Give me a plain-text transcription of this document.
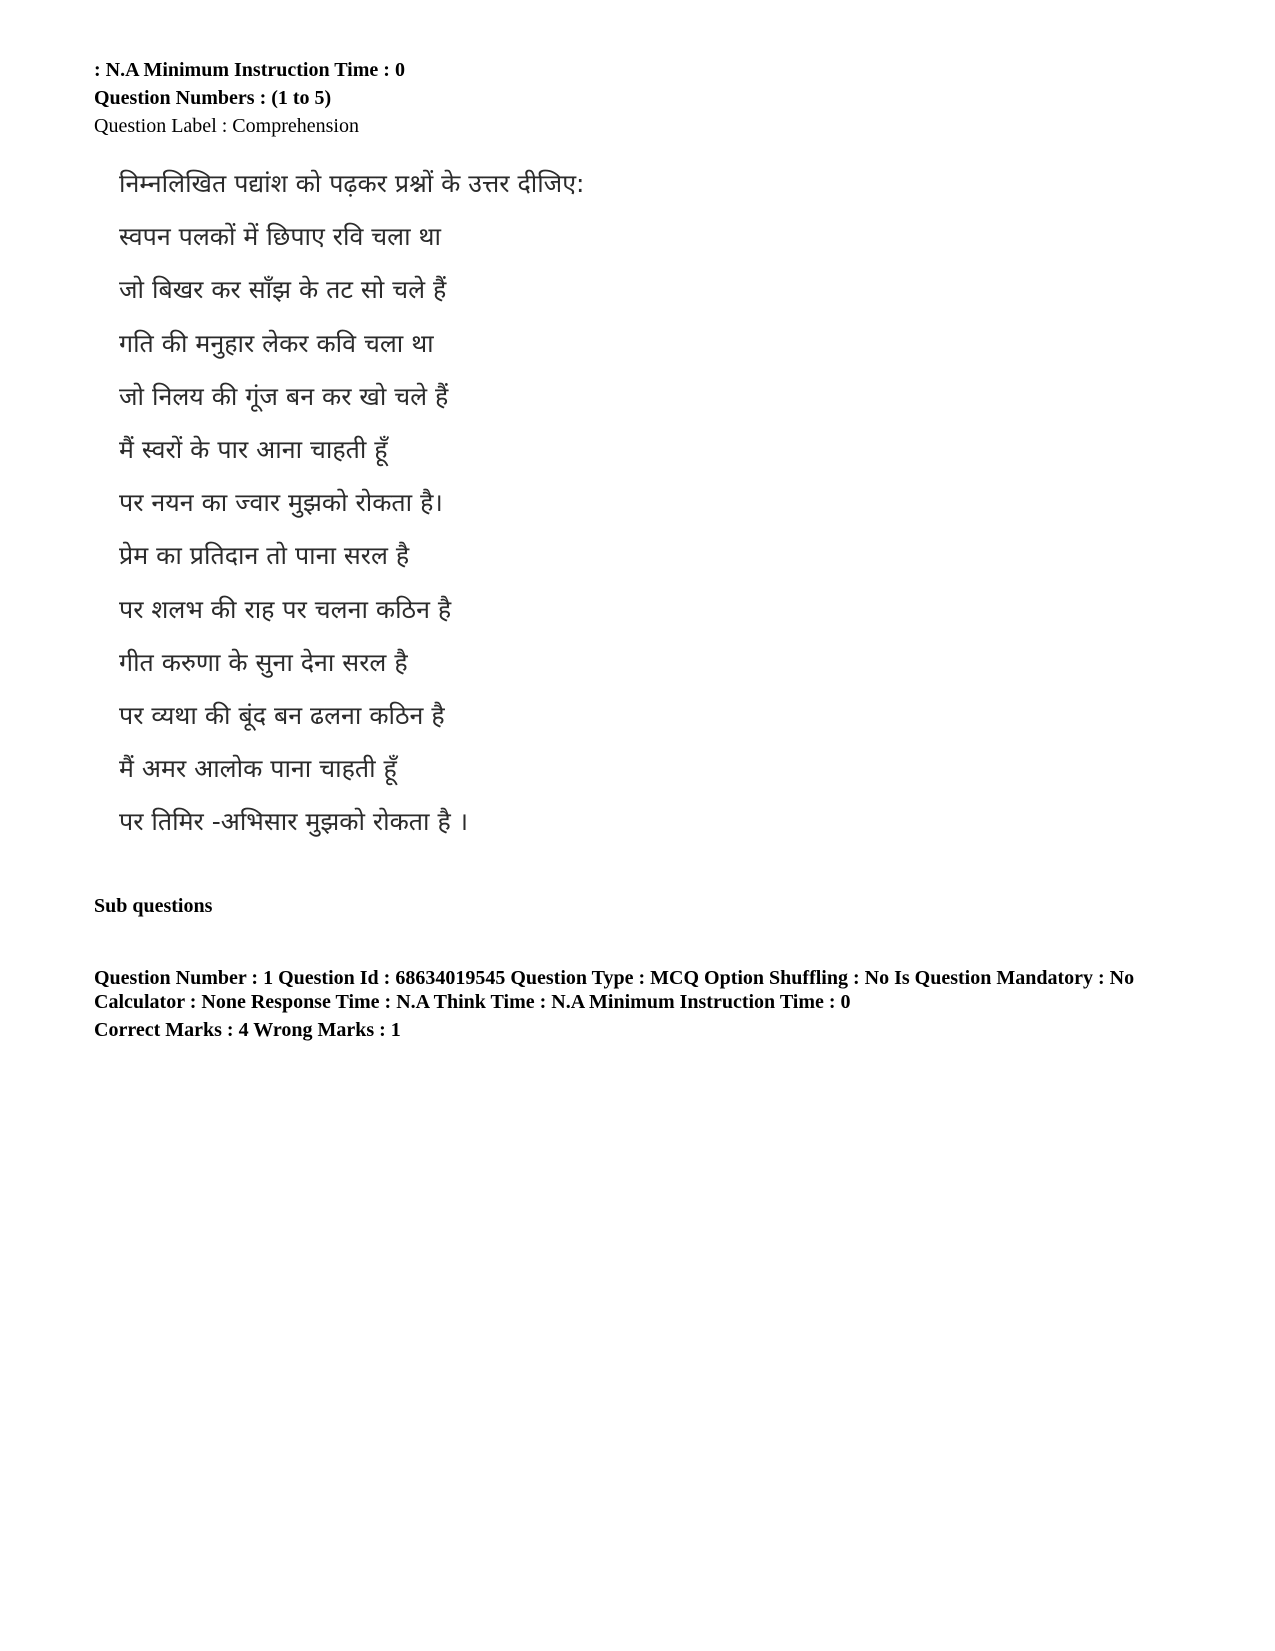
: N.A Minimum Instruction Time : 0
Question Numbers : (1 to 5)
Question Label : Comprehension
निम्नलिखित पद्यांश को पढ़कर प्रश्नों के उत्तर दीजिए:
स्वपन पलकों में छिपाए रवि चला था
जो बिखर कर साँझ के तट सो चले हैं
गति की मनुहार लेकर कवि चला था
जो निलय की गूंज बन कर खो चले हैं
मैं स्वरों के पार आना चाहती हूँ
पर नयन का ज्वार मुझको रोकता है।
प्रेम का प्रतिदान तो पाना सरल है
पर शलभ की राह पर चलना कठिन है
गीत करुणा के सुना देना सरल है
पर व्यथा की बूंद बन ढलना कठिन है
मैं अमर आलोक पाना चाहती हूँ
पर तिमिर -अभिसार मुझको रोकता है ।
Sub questions
Question Number : 1 Question Id : 68634019545 Question Type : MCQ Option Shuffling : No Is Question Mandatory : No Calculator : None Response Time : N.A Think Time : N.A Minimum Instruction Time : 0
Correct Marks : 4 Wrong Marks : 1
